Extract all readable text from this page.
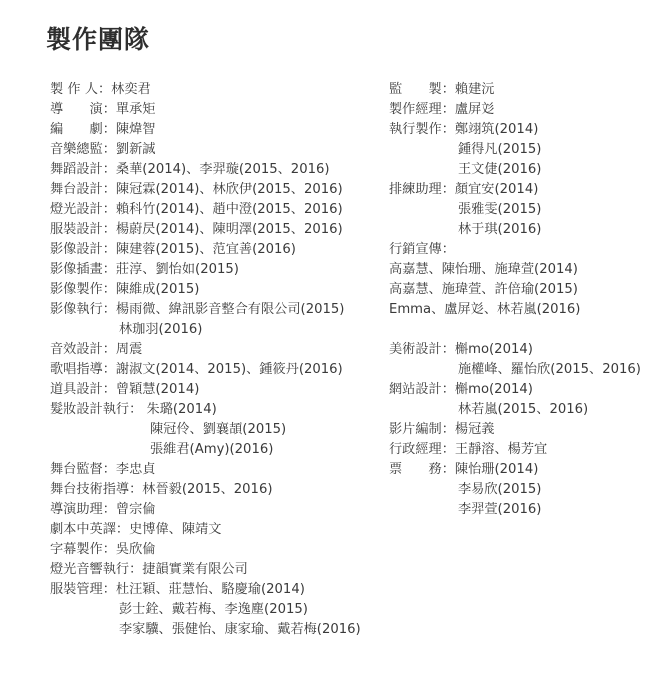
製作團隊
製 作 人：林奕君
導　　演：單承矩
編　　劇：陳煒智
音樂總監：劉新誠
舞蹈設計：桑華(2014)、李羿璇(2015、2016)
舞台設計：陳冠霖(2014)、林欣伊(2015、2016)
燈光設計：賴科竹(2014)、趙中澄(2015、2016)
服裝設計：楊蔚昃(2014)、陳明澤(2015、2016)
影像設計：陳建蓉(2015)、范宜善(2016)
影像插畫：莊淳、劉怡如(2015)
影像製作：陳維成(2015)
影像執行：楊雨微、緯訊影音整合有限公司(2015)
林珈羽(2016)
音效設計：周震
歌唱指導：謝淑文(2014、2015)、鍾筱丹(2016)
道具設計：曾穎慧(2014)
髮妝設計執行： 朱璐(2014)
陳冠伶、劉襄頡(2015)
張維君(Amy)(2016)
舞台監督：李忠貞
舞台技術指導：林晉毅(2015、2016)
導演助理：曾宗倫
劇本中英譯：史博偉、陳靖文
字幕製作：吳欣倫
燈光音響執行：捷韻實業有限公司
服裝管理：杜汪穎、莊慧怡、駱慶瑜(2014)
彭士銓、戴若梅、李逸塵(2015)
李家驥、張健怡、康家瑜、戴若梅(2016)
監　　製：賴建沅
製作經理：盧屏彣
執行製作：鄭翊筑(2014)
鍾得凡(2015)
王文倢(2016)
排練助理：顏宜安(2014)
張雅雯(2015)
林于琪(2016)
行銷宣傳：
高嘉慧、陳怡珊、施瑋萱(2014)
高嘉慧、施瑋萱、許倍瑜(2015)
Emma、盧屏彣、林若嵐(2016)
美術設計：槲mo(2014)
施權峰、羅怡欣(2015、2016)
網站設計：槲mo(2014)
林若嵐(2015、2016)
影片編制：楊冠義
行政經理：王靜溶、楊芳宜
票　　務：陳怡珊(2014)
李易欣(2015)
李羿萱(2016)
